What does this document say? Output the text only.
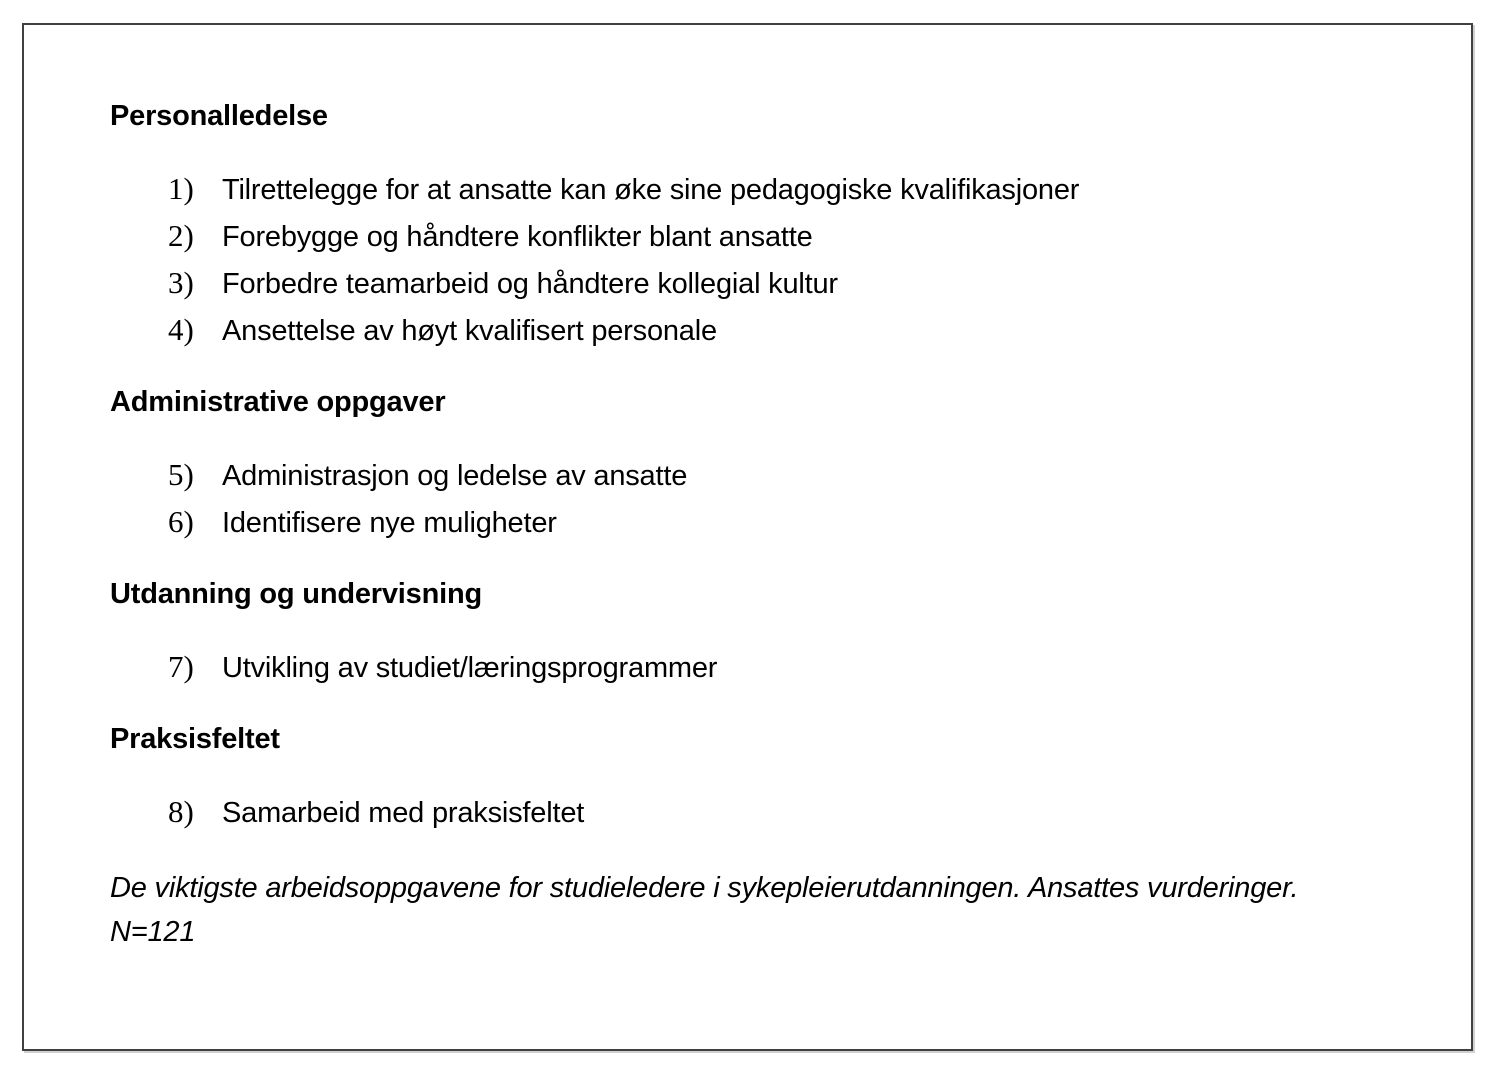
Personalledelse
1) Tilrettelegge for at ansatte kan øke sine pedagogiske kvalifikasjoner
2) Forebygge og håndtere konflikter blant ansatte
3) Forbedre teamarbeid og håndtere kollegial kultur
4) Ansettelse av høyt kvalifisert personale
Administrative oppgaver
5) Administrasjon og ledelse av ansatte
6) Identifisere nye muligheter
Utdanning og undervisning
7) Utvikling av studiet/læringsprogrammer
Praksisfeltet
8) Samarbeid med praksisfeltet

De viktigste arbeidsoppgavene for studieledere i sykepleierutdanningen. Ansattes vurderinger. N=121
